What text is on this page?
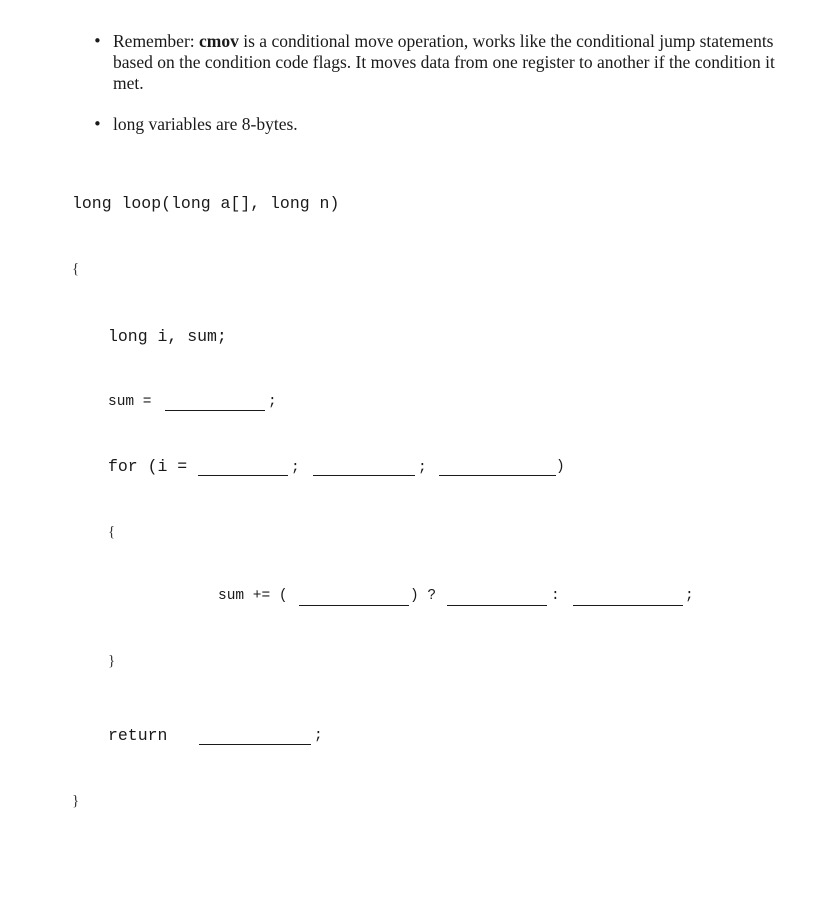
• Remember: cmov is a conditional move operation, works like the conditional jump statements based on the condition code flags. It moves data from one register to another if the condition it met.
• long variables are 8-bytes.
long loop(long a[], long n)
{
long i, sum;
sum =	;
for (i =	;	;	)
{
sum += (	) ?	:	;
}
return	;
}
